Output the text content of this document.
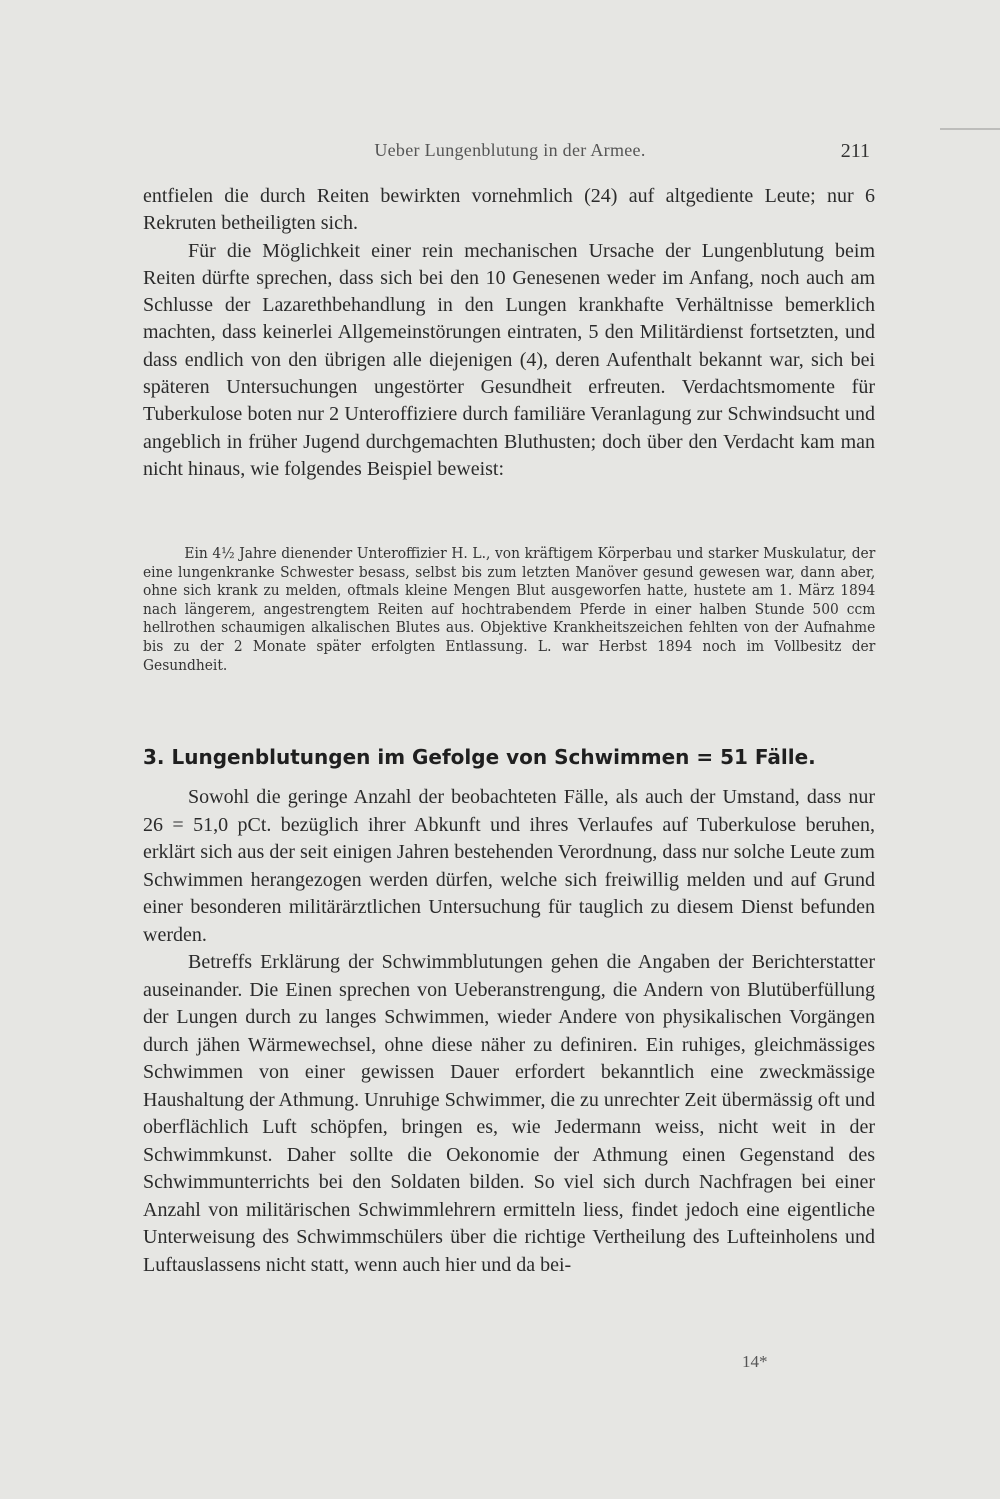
Ueber Lungenblutung in der Armee.	211

entfielen die durch Reiten bewirkten vornehmlich (24) auf altgediente Leute; nur 6 Rekruten betheiligten sich.

Für die Möglichkeit einer rein mechanischen Ursache der Lungenblutung beim Reiten dürfte sprechen, dass sich bei den 10 Genesenen weder im Anfang, noch auch am Schlusse der Lazarethbehandlung in den Lungen krankhafte Verhältnisse bemerklich machten, dass keinerlei Allgemeinstörungen eintraten, 5 den Militärdienst fortsetzten, und dass endlich von den übrigen alle diejenigen (4), deren Aufenthalt bekannt war, sich bei späteren Untersuchungen ungestörter Gesundheit erfreuten. Verdachtsmomente für Tuberkulose boten nur 2 Unteroffiziere durch familiäre Veranlagung zur Schwindsucht und angeblich in früher Jugend durchgemachten Bluthusten; doch über den Verdacht kam man nicht hinaus, wie folgendes Beispiel beweist:

Ein 4½ Jahre dienender Unteroffizier H. L., von kräftigem Körperbau und starker Muskulatur, der eine lungenkranke Schwester besass, selbst bis zum letzten Manöver gesund gewesen war, dann aber, ohne sich krank zu melden, oftmals kleine Mengen Blut ausgeworfen hatte, hustete am 1. März 1894 nach längerem, angestrengtem Reiten auf hochtrabendem Pferde in einer halben Stunde 500 ccm hellrothen schaumigen alkalischen Blutes aus. Objektive Krankheitszeichen fehlten von der Aufnahme bis zu der 2 Monate später erfolgten Entlassung. L. war Herbst 1894 noch im Vollbesitz der Gesundheit.

3. Lungenblutungen im Gefolge von Schwimmen = 51 Fälle.

Sowohl die geringe Anzahl der beobachteten Fälle, als auch der Umstand, dass nur 26 = 51,0 pCt. bezüglich ihrer Abkunft und ihres Verlaufes auf Tuberkulose beruhen, erklärt sich aus der seit einigen Jahren bestehenden Verordnung, dass nur solche Leute zum Schwimmen herangezogen werden dürfen, welche sich freiwillig melden und auf Grund einer besonderen militärärztlichen Untersuchung für tauglich zu diesem Dienst befunden werden.

Betreffs Erklärung der Schwimmblutungen gehen die Angaben der Berichterstatter auseinander. Die Einen sprechen von Ueberanstrengung, die Andern von Blutüberfüllung der Lungen durch zu langes Schwimmen, wieder Andere von physikalischen Vorgängen durch jähen Wärmewechsel, ohne diese näher zu definiren. Ein ruhiges, gleichmässiges Schwimmen von einer gewissen Dauer erfordert bekanntlich eine zweckmässige Haushaltung der Athmung. Unruhige Schwimmer, die zu unrechter Zeit übermässig oft und oberflächlich Luft schöpfen, bringen es, wie Jedermann weiss, nicht weit in der Schwimmkunst. Daher sollte die Oekonomie der Athmung einen Gegenstand des Schwimmunterrichts bei den Soldaten bilden. So viel sich durch Nachfragen bei einer Anzahl von militärischen Schwimmlehrern ermitteln liess, findet jedoch eine eigentliche Unterweisung des Schwimmschülers über die richtige Vertheilung des Lufteinholens und Luftauslassens nicht statt, wenn auch hier und da bei-

14*
